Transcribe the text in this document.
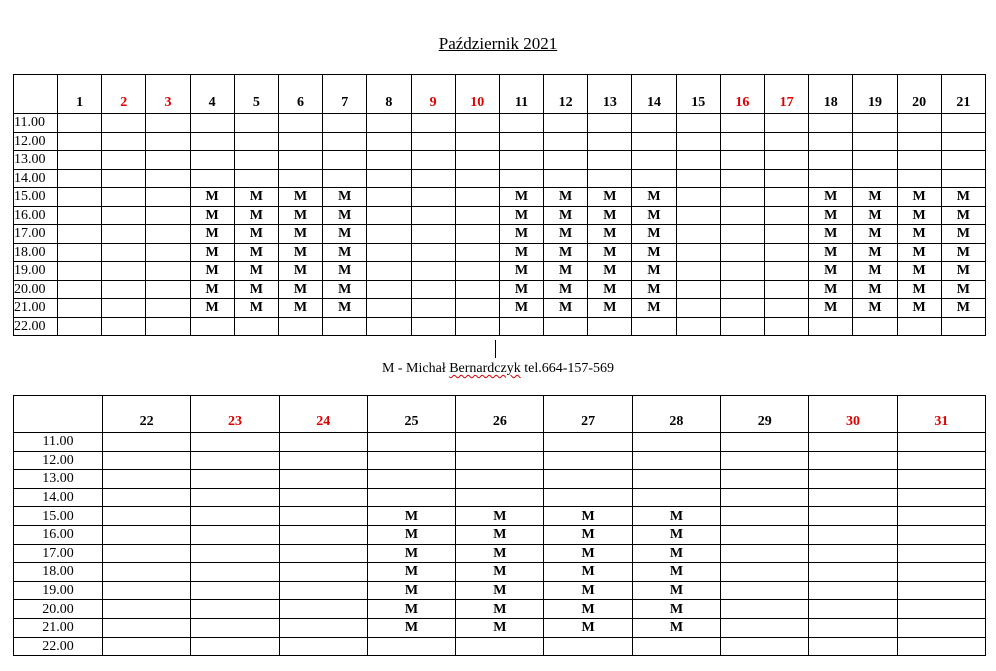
Październik 2021
	1	2	3	4	5	6	7	8	9	10	11	12	13	14	15	16	17	18	19	20	21
11.00																					
12.00																					
13.00																					
14.00																					
15.00				M	M	M	M				M	M	M	M				M	M	M	M
16.00				M	M	M	M				M	M	M	M				M	M	M	M
17.00				M	M	M	M				M	M	M	M				M	M	M	M
18.00				M	M	M	M				M	M	M	M				M	M	M	M
19.00				M	M	M	M				M	M	M	M				M	M	M	M
20.00				M	M	M	M				M	M	M	M				M	M	M	M
21.00				M	M	M	M				M	M	M	M				M	M	M	M
22.00																					
M - Michał Bernardczyk tel.664-157-569
	22	23	24	25	26	27	28	29	30	31
11.00										
12.00										
13.00										
14.00										
15.00				M	M	M	M			
16.00				M	M	M	M			
17.00				M	M	M	M			
18.00				M	M	M	M			
19.00				M	M	M	M			
20.00				M	M	M	M			
21.00				M	M	M	M			
22.00										
